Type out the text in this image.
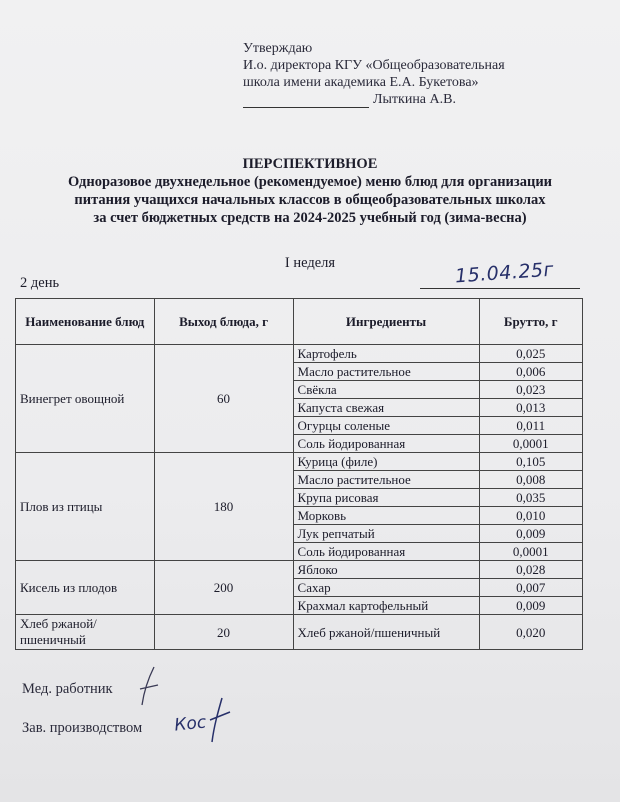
Утверждаю
И.о. директора КГУ «Общеобразовательная
школа имени академика Е.А. Букетова»
Лыткина А.В.
ПЕРСПЕКТИВНОЕ
Одноразовое двухнедельное (рекомендуемое) меню блюд для организации
питания учащихся начальных классов в общеобразовательных школах
за счет бюджетных средств на 2024-2025 учебный год (зима-весна)
I неделя
2 день	15.04.25г
Наименование блюд	Выход блюда, г	Ингредиенты	Брутто, г
Винегрет овощной	60	Картофель	0,025
		Масло растительное	0,006
		Свёкла	0,023
		Капуста свежая	0,013
		Огурцы соленые	0,011
		Соль йодированная	0,0001
Плов из птицы	180	Курица (филе)	0,105
		Масло растительное	0,008
		Крупа рисовая	0,035
		Морковь	0,010
		Лук репчатый	0,009
		Соль йодированная	0,0001
Кисель из плодов	200	Яблоко	0,028
		Сахар	0,007
		Крахмал картофельный	0,009
Хлеб ржаной/ пшеничный	20	Хлеб ржаной/пшеничный	0,020
Мед. работник
Зав. производством Кос
